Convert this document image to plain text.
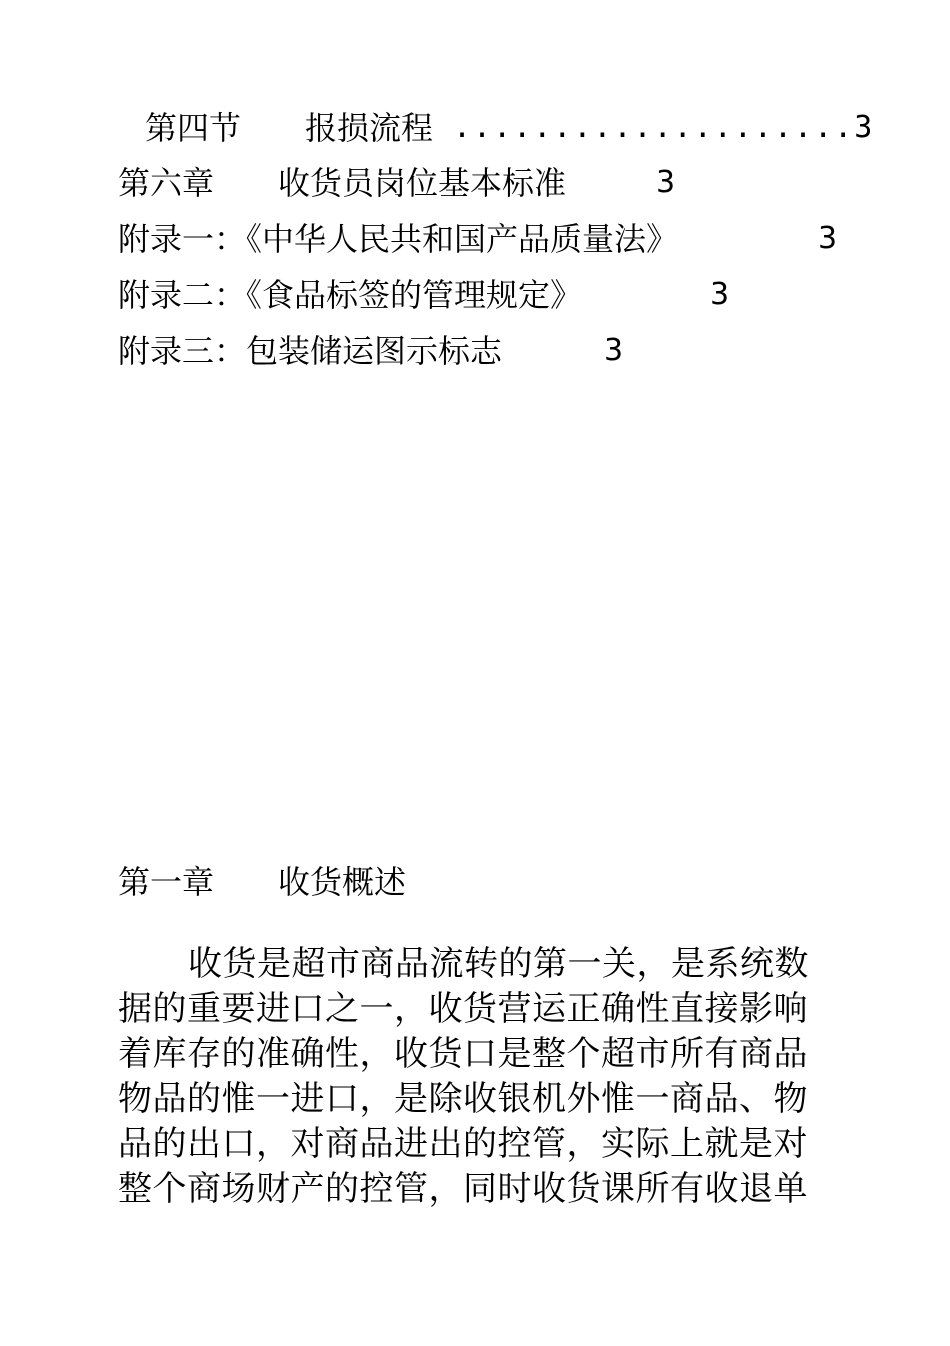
第四节　　报损流程 ....................3
第六章　　收货员岗位基本标准	3
附录一：《中华人民共和国产品质量法》	3
附录二：《食品标签的管理规定》	3
附录三：包装储运图示标志	3
第一章　　收货概述
收货是超市商品流转的第一关，是系统数
据的重要进口之一，收货营运正确性直接影响
着库存的准确性，收货口是整个超市所有商品
物品的惟一进口，是除收银机外惟一商品、物
品的出口，对商品进出的控管，实际上就是对
整个商场财产的控管，同时收货课所有收退单
